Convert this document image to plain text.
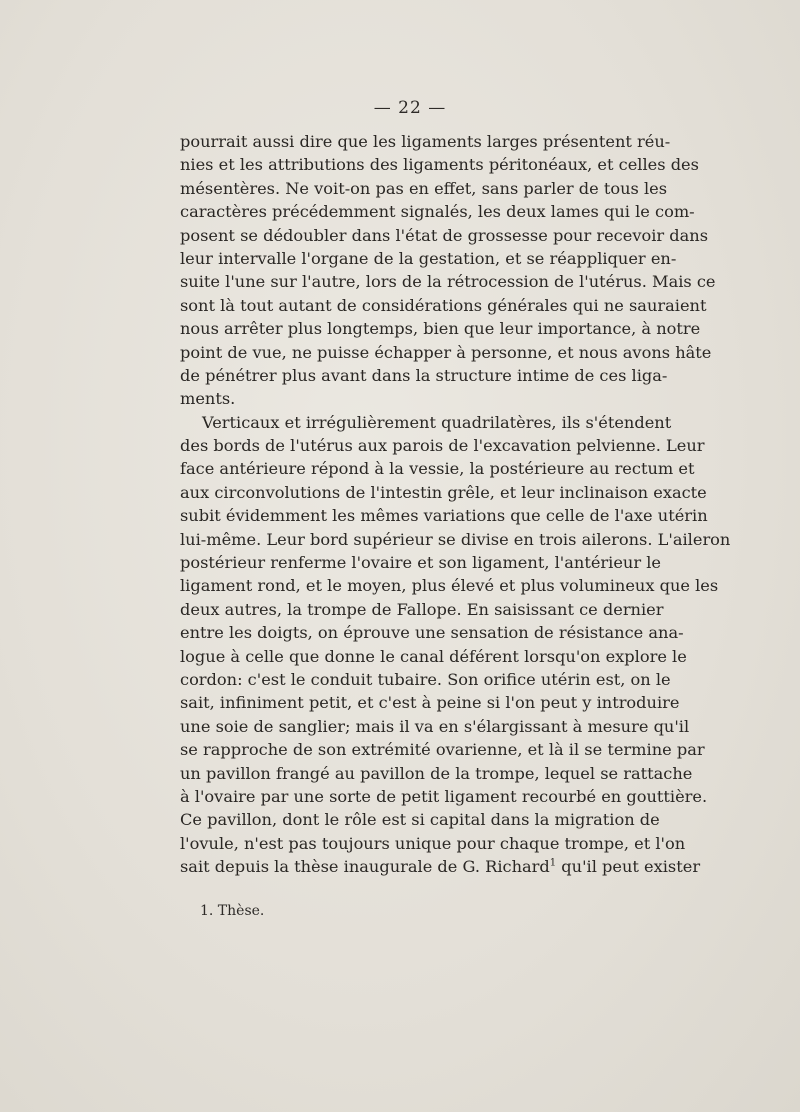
— 22 —
pourrait aussi dire que les ligaments larges présentent réu-
nies et les attributions des ligaments péritonéaux, et celles des
mésentères. Ne voit-on pas en effet, sans parler de tous les
caractères précédemment signalés, les deux lames qui le com-
posent se dédoubler dans l'état de grossesse pour recevoir dans
leur intervalle l'organe de la gestation, et se réappliquer en-
suite l'une sur l'autre, lors de la rétrocession de l'utérus. Mais ce
sont là tout autant de considérations générales qui ne sauraient
nous arrêter plus longtemps, bien que leur importance, à notre
point de vue, ne puisse échapper à personne, et nous avons hâte
de pénétrer plus avant dans la structure intime de ces liga-
ments.
Verticaux et irrégulièrement quadrilatères, ils s'étendent
des bords de l'utérus aux parois de l'excavation pelvienne. Leur
face antérieure répond à la vessie, la postérieure au rectum et
aux circonvolutions de l'intestin grêle, et leur inclinaison exacte
subit évidemment les mêmes variations que celle de l'axe utérin
lui-même. Leur bord supérieur se divise en trois ailerons. L'aileron
postérieur renferme l'ovaire et son ligament, l'antérieur le
ligament rond, et le moyen, plus élevé et plus volumineux que les
deux autres, la trompe de Fallope. En saisissant ce dernier
entre les doigts, on éprouve une sensation de résistance ana-
logue à celle que donne le canal déférent lorsqu'on explore le
cordon: c'est le conduit tubaire. Son orifice utérin est, on le
sait, infiniment petit, et c'est à peine si l'on peut y introduire
une soie de sanglier; mais il va en s'élargissant à mesure qu'il
se rapproche de son extrémité ovarienne, et là il se termine par
un pavillon frangé au pavillon de la trompe, lequel se rattache
à l'ovaire par une sorte de petit ligament recourbé en gouttière.
Ce pavillon, dont le rôle est si capital dans la migration de
l'ovule, n'est pas toujours unique pour chaque trompe, et l'on
sait depuis la thèse inaugurale de G. Richard$^1$ qu'il peut exister
1. Thèse.
